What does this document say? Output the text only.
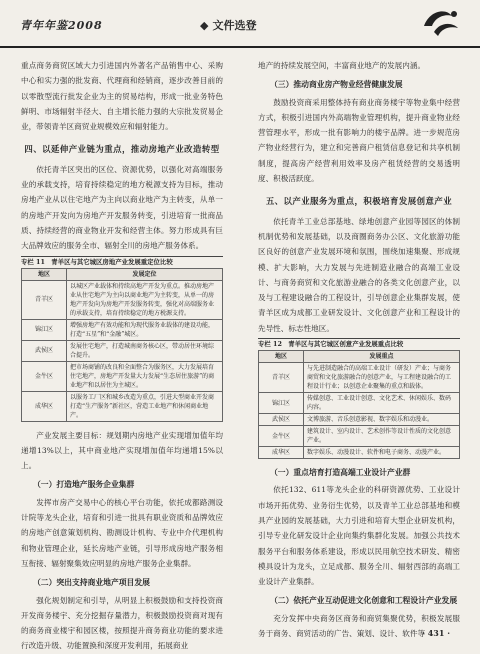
青年年鉴2008	◆ 文件选登

重点商务商贸区域大力引进国内外著名产品销售中心、采购中心和实力强的批发商、代理商和经销商，逐步改善目前的以零散型流行批发企业为主的贸易结构，形成一批业务特色鲜明、市场辐射半径大、自主增长能力强的大宗批发贸易企业，带领青羊区商贸业规模效应和辐射能力。

四、以延伸产业链为重点，推动房地产业改造转型

依托青羊区突出的区位、资源优势，以强化对高端服务业的承载支持，培育持续稳定的地方税源支持为目标，推动房地产业从以住宅地产为主向以商业地产为主转变，从单一的房地产开发向为房地产开发服务转变，引进培育一批商品质、持续经营的商业物业开发和经营主体。努力形成具有巨大品牌效应的服务全市、辐射全川的房地产服务体系。

专栏 11　青羊区与其它城区房地产业发展重定位比较
地区	发展定位
青羊区	以城区产业载体和持续高地产开发为重点。推动房地产业从住宅地产为主向以商业地产为主转变，从单一的房地产开发向为房地产开发服务转变，强化对高端服务业的承载支持，培育持续稳定的地方税源支持。
锦江区	增强房地产有效功能和为现代服务业载体的建设功能，打造“五星”和“金融”城区。
武侯区	发展住宅地产，打造城南商务核心区，带动居住环境综合提升。
金牛区	把市场商铺的改良和全面整合为服务区，大力发展培育住宅地产，房地产开发量大力发展“生态居住旅游”的商业地产和以居住为主城区。
成华区	以服务工厂区和城乡改造为重点，引进大型商业开发商打造“生产服务”新社区，营造工业地产和休闲商业地产。

产业发展主要目标：规划期内房地产业实现增加值年均递增13%以上，其中商业地产实现增加值年均递增15%以上。

（一）打造地产服务企业集群

发挥市房产交易中心的核心平台功能，依托成都路测设计院等龙头企业，培育和引进一批具有职业资质和品牌效应的房地产创意策划机构、勘测设计机构、专业中介代理机构和物业管理企业，延长房地产业链，引导形成房地产服务相互衔接、辐射聚集效应明显的房地产服务企业集群。

（二）突出支持商业地产项目发展

强化规划制定和引导，从明显上积极鼓励和支持投资商开发商务楼宇、充分挖掘存量潜力，积极鼓励投资商对现有的商务商业楼宇和园区楼，按照提升商务商业功能的要求进行改造升级、功能置换和深度开发利用，拓展商业

地产的持续发展空间，丰富商业地产的发展内涵。

（三）推动商业房产物业经营健康发展

鼓励投资商采用整体持有商业商务楼宇等物业集中经营方式，积极引进国内外高端物业管理机构，提升商业物业经营管理水平，形成一批有影响力的楼宇品牌。进一步规范房产物业经营行为，建立和完善商户租赁信息登记和共享机制制度，提高房产经营利用效率及房产租赁经营的交易透明度、积极活跃度。

五、以产业服务为重点，积极培育发展创意产业

依托青羊工业总部基地、绿地创意产业园等园区的体制机制优势和发展基础，以及商圈商务办公区、文化旅游功能区良好的创意产业发展环境和氛围，围绕加速集聚、形成规模、扩大影响，大力发展与先进制造业融合的高端工业设计、与商务商贸和文化旅游业融合的各类文化创意产业，以及与工程建设融合的工程设计，引导创意企业集群发展，使青羊区成为成都工业研发设计、文化创意产业和工程设计的先导性、标志性地区。

专栏 12　青羊区与其它城区创意产业发展重点比较
地区	发展重点
青羊区	与先进制造融合的高端工业设计（研发）产业；与商务商贸和文化旅游融合的创意产业，与工程建设融合的工程设计行业；以创意企业聚集的重点和载体。
锦江区	传媒创意、工业设计创意、文化艺术、休闲娱乐、数码内容。
武侯区	文博旅游、音乐创意影视、数字娱乐和动漫业。
金牛区	建筑设计、室内设计、艺术创作等设计性质的文化创意产业。
成华区	数字娱乐、动漫设计、软件和电子商务、动漫产业。
（一）重点培育打造高端工业设计产业群

依托132、611等龙头企业的科研资源优势、工业设计市场开拓优势、业务衍生优势，以及青羊工业总部基地和模具产业园的发展基础，大力引进和培育大型企业研发机构，引导专业化研发设计企业向集约集群化发展。加强公共技术服务平台和服务体系建设，形成以民用航空技术研发、精密模具设计为龙头，立足成都、服务全川、辐射西部的高端工业设计产业集群。

（二）依托产业互动促进文化创意和工程设计产业发展

充分发挥中央商务区商务和商贸集聚优势，积极发展服务于商务、商贸活动的广告、策划、设计、软件等

· 431 ·
